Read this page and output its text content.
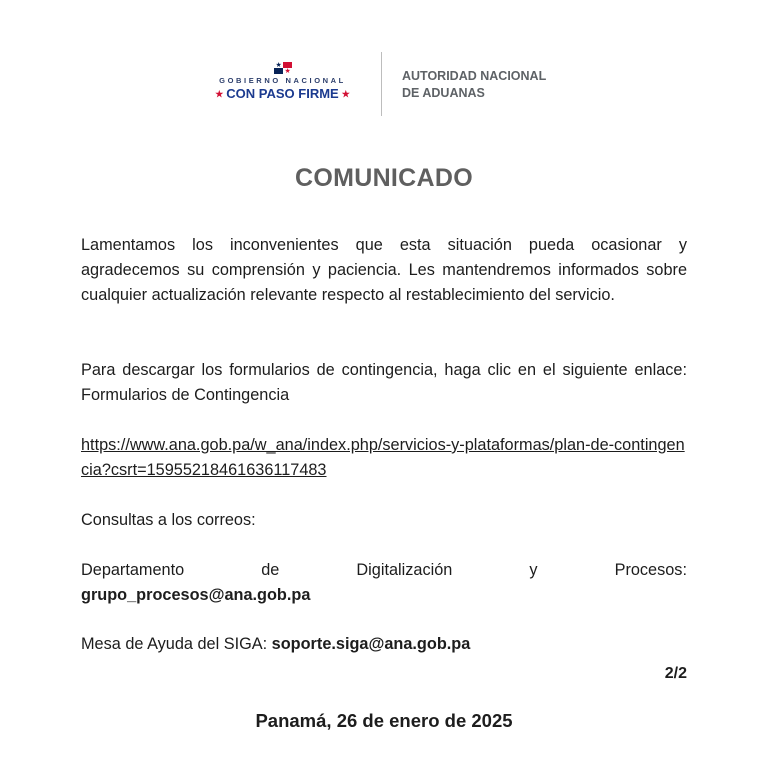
★
★
GOBIERNO NACIONAL
★ CON PASO FIRME ★
AUTORIDAD NACIONAL
DE ADUANAS
COMUNICADO
Lamentamos los inconvenientes que esta situación pueda ocasionar y agradecemos su comprensión y paciencia. Les mantendremos informados sobre cualquier actualización relevante respecto al restablecimiento del servicio.
Para descargar los formularios de contingencia, haga clic en el siguiente enlace: Formularios de Contingencia
https://www.ana.gob.pa/w_ana/index.php/servicios-y-plataformas/plan-de-contingencia?csrt=15955218461636117483
Consultas a los correos:
Departamento	de	Digitalización	y	Procesos:
grupo_procesos@ana.gob.pa
Mesa de Ayuda del SIGA: soporte.siga@ana.gob.pa
2/2
Panamá, 26 de enero de 2025
